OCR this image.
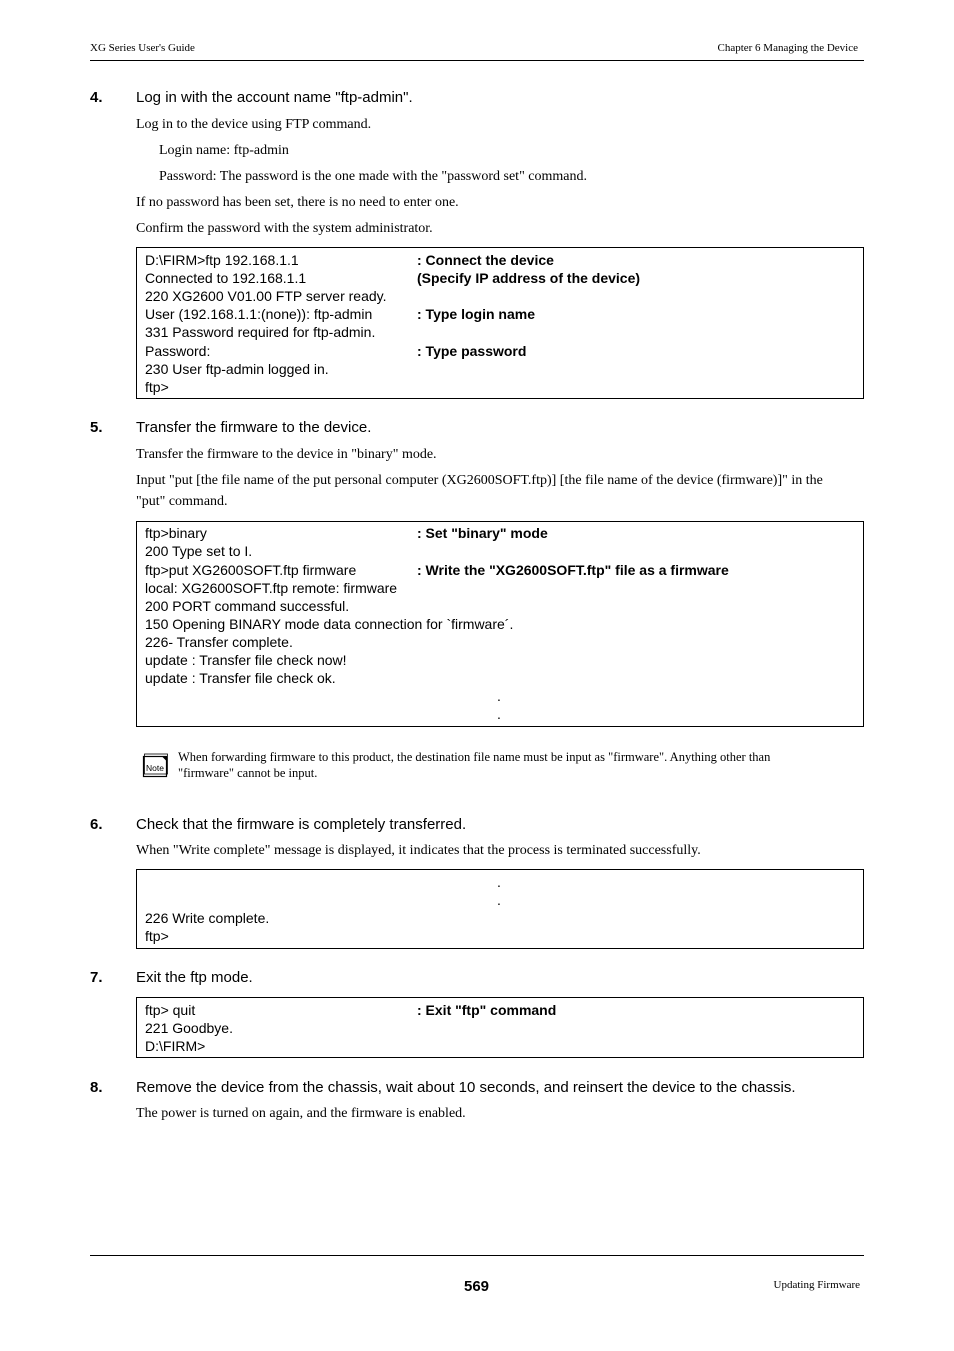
XG Series User's Guide	Chapter 6 Managing the Device
4. Log in with the account name "ftp-admin".
Log in to the device using FTP command.
Login name: ftp-admin
Password: The password is the one made with the "password set" command.
If no password has been set, there is no need to enter one.
Confirm the password with the system administrator.
D:\FIRM>ftp 192.168.1.1
Connected to 192.168.1.1
220 XG2600 V01.00 FTP server ready.
User (192.168.1.1:(none)): ftp-admin
331 Password required for ftp-admin.
Password:
230 User ftp-admin logged in.
ftp>
: Connect the device
(Specify IP address of the device)
: Type login name
: Type password
5. Transfer the firmware to the device.
Transfer the firmware to the device in "binary" mode.
Input "put [the file name of the put personal computer (XG2600SOFT.ftp)] [the file name of the device (firmware)]" in the
"put" command.
ftp>binary
200 Type set to I.
ftp>put XG2600SOFT.ftp firmware
local: XG2600SOFT.ftp remote: firmware
200 PORT command successful.
150 Opening BINARY mode data connection for `firmware´.
226- Transfer complete.
update : Transfer file check now!
update : Transfer file check ok.
: Set "binary" mode
: Write the "XG2600SOFT.ftp" file as a firmware
.
.
Note
When forwarding firmware to this product, the destination file name must be input as "firmware". Anything other than
"firmware" cannot be input.
6. Check that the firmware is completely transferred.
When "Write complete" message is displayed, it indicates that the process is terminated successfully.
.
.
226 Write complete.
ftp>
7. Exit the ftp mode.
ftp> quit
221 Goodbye.
D:\FIRM>
: Exit "ftp" command
8. Remove the device from the chassis, wait about 10 seconds, and reinsert the device to the chassis.
The power is turned on again, and the firmware is enabled.
569	Updating Firmware
